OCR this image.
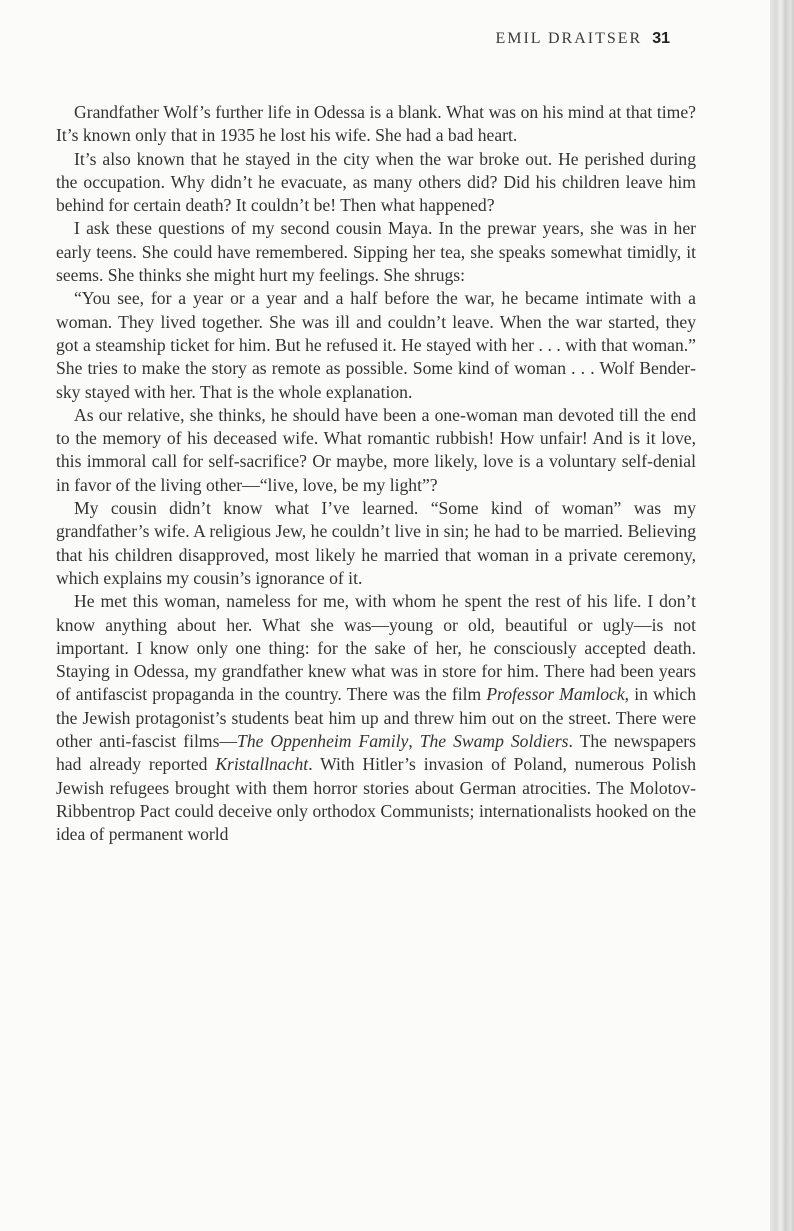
EMIL DRAITSER 31

Grandfather Wolf’s further life in Odessa is a blank. What was on his mind at that time? It’s known only that in 1935 he lost his wife. She had a bad heart.

It’s also known that he stayed in the city when the war broke out. He perished during the occupation. Why didn’t he evacuate, as many others did? Did his children leave him behind for certain death? It couldn’t be! Then what happened?

I ask these questions of my second cousin Maya. In the prewar years, she was in her early teens. She could have remembered. Sipping her tea, she speaks somewhat timidly, it seems. She thinks she might hurt my feelings. She shrugs:

“You see, for a year or a year and a half before the war, he became intimate with a woman. They lived together. She was ill and couldn’t leave. When the war started, they got a steamship ticket for him. But he refused it. He stayed with her . . . with that woman.” She tries to make the story as remote as possible. Some kind of woman . . . Wolf Bendersky stayed with her. That is the whole explanation.

As our relative, she thinks, he should have been a one-woman man devoted till the end to the memory of his deceased wife. What romantic rubbish! How unfair! And is it love, this immoral call for self-sacrifice? Or maybe, more likely, love is a voluntary self-denial in favor of the living other—“live, love, be my light”?

My cousin didn’t know what I’ve learned. “Some kind of woman” was my grandfather’s wife. A religious Jew, he couldn’t live in sin; he had to be married. Believing that his children disapproved, most likely he married that woman in a private ceremony, which explains my cousin’s ignorance of it.

He met this woman, nameless for me, with whom he spent the rest of his life. I don’t know anything about her. What she was—young or old, beautiful or ugly—is not important. I know only one thing: for the sake of her, he consciously accepted death. Staying in Odessa, my grandfather knew what was in store for him. There had been years of antifascist propaganda in the country. There was the film Professor Mamlock, in which the Jewish protagonist’s students beat him up and threw him out on the street. There were other anti-fascist films—The Oppenheim Family, The Swamp Soldiers. The newspapers had already reported Kristallnacht. With Hitler’s invasion of Poland, numerous Polish Jewish refugees brought with them horror stories about German atrocities. The Molotov-Ribbentrop Pact could deceive only orthodox Communists; internationalists hooked on the idea of permanent world
